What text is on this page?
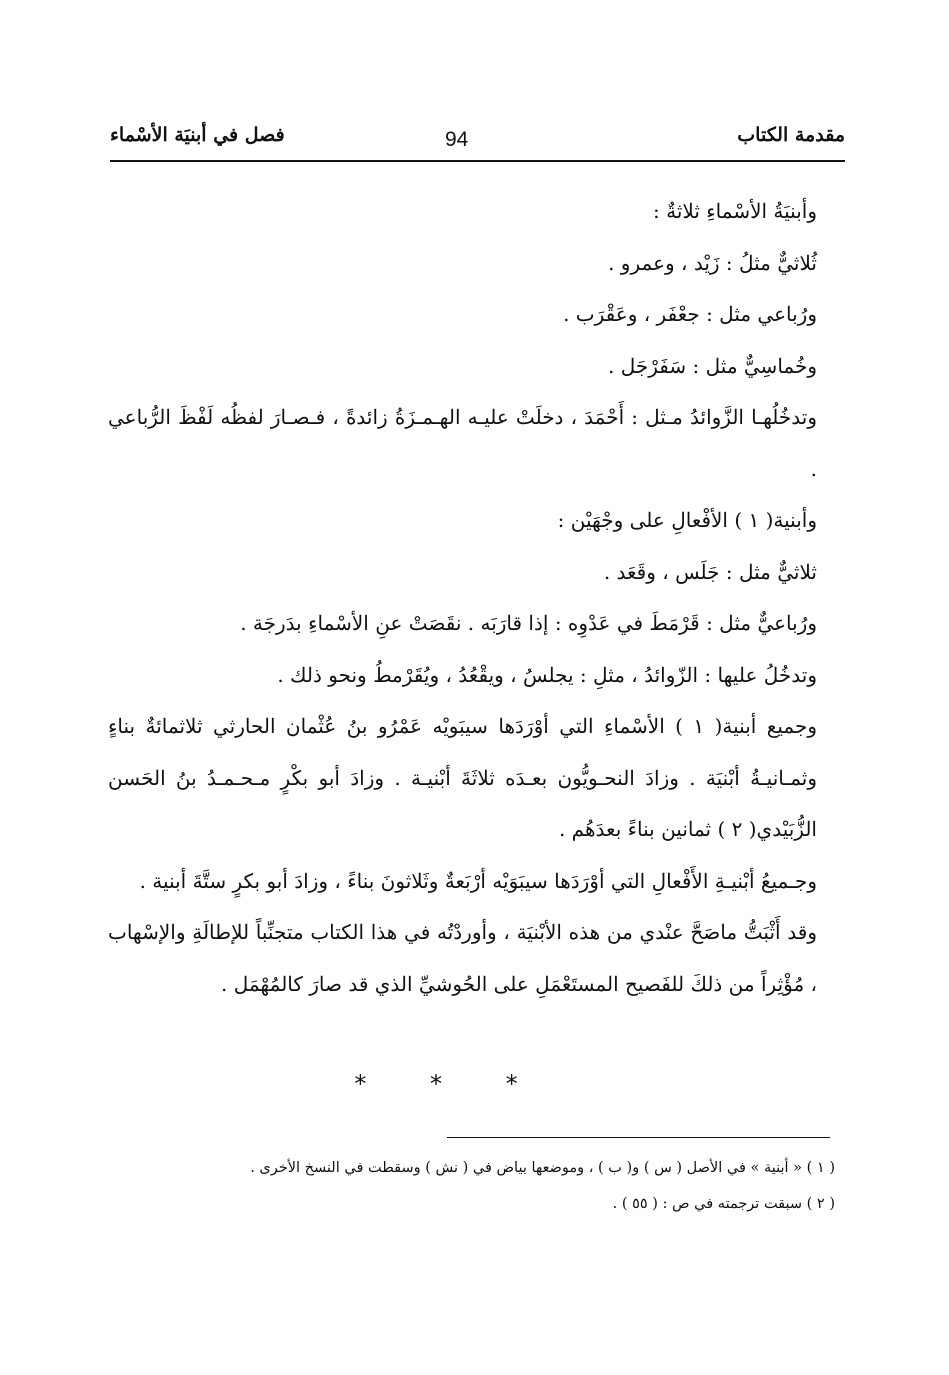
مقدمة الكتاب
94
فصل في أبنيَة الأسْماء

وأبنيَةُ الأسْماءِ ثلاثةٌ :

ثُلاثيٌّ مثلُ : زَيْد ، وعمرو .

ورُباعي مثل : جعْفَر ، وعَقْرَب .

وخُماسِيٌّ مثل : سَفَرْجَل .

وتدخُلُهـا الزَّوائدُ مـثل : أَحْمَدَ ، دخلَتْ عليـه الهـمـزَةُ زائدةً ، فـصـارَ لفظُه لَفْظَ الرُّباعي .

وأبنية( ١ ) الأفْعالِ على وجْهَيْن :

ثلاثيٌّ مثل : جَلَس ، وقَعَد .

ورُباعيٌّ مثل : قَرْمَطَ في عَدْوِه : إذا قارَبَه . نقَصَتْ عنِ الأسْماءِ بدَرجَة .

وتدخُلُ عليها : الزّوائدُ ، مثلِ : يجلسُ ، ويقْعُدُ ، ويُقَرْمطُ ونحو ذلك .

وجميع أبنية( ١ ) الأسْماءِ التي أوْرَدَها سيبَويْه عَمْرُو بنُ عُثْمان الحارثي ثلاثمائةٌ بناءٍ وثمـانيـةُ أبْنيَة . وزادَ النحـويُّون بعـدَه ثلاثَةَ أبْنيـة . وزادَ أبو بكْرٍ مـحـمـدُ بنُ الحَسن الزُّبَيْدي( ٢ ) ثمانين بناءً بعدَهُم .

وجـميعُ أبْنيـةِ الأَفْعالِ التي أوْرَدَها سيبَوَيْه أرْبَعةٌ وثَلاثونَ بناءً ، وزادَ أبو بكرٍ ستَّةَ أبنية .

وقد أَثْبَتُّ ماصَحَّ عنْدي من هذه الأبْنيَة ، وأوردْتُه في هذا الكتاب متجنِّباً للإطالَةِ والإسْهاب ، مُؤْثِراً من ذلكَ للفَصيح المستَعْمَلِ على الحُوشيِّ الذي قد صارَ كالمُهْمَل .

* * *

( ١ ) « أبنية » في الأصل ( س ) و( ب ) ، وموضعها بياض في ( نش ) وسقطت في النسخ الأخرى .

( ٢ ) سبقت ترجمته في ص : ( ٥٥ ) .
